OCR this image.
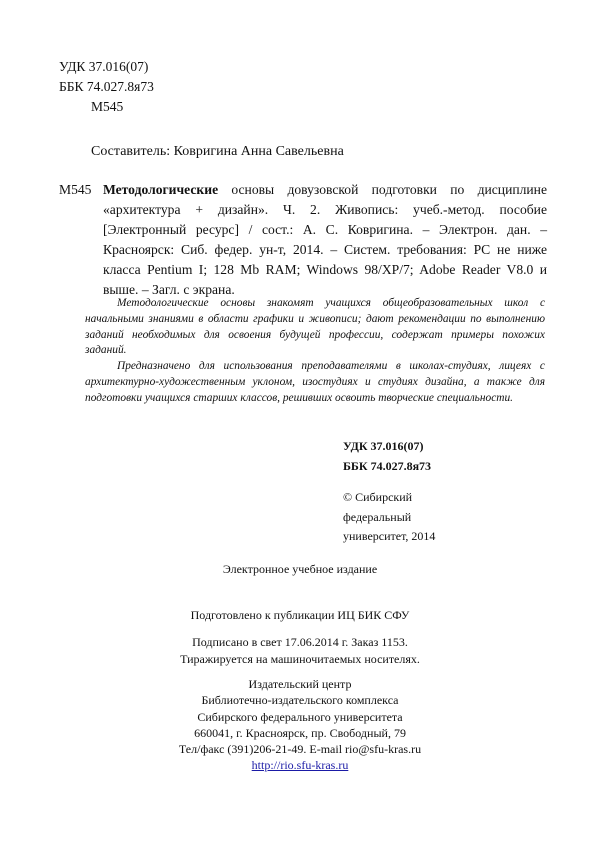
УДК 37.016(07)
ББК 74.027.8я73
М545
Составитель: Ковригина Анна Савельевна
М545 Методологические основы довузовской подготовки по дисциплине «архитектура + дизайн». Ч. 2. Живопись: учеб.-метод. пособие [Электронный ресурс] / сост.: А. С. Ковригина. – Электрон. дан. – Красноярск: Сиб. федер. ун-т, 2014. – Систем. требования: PC не ниже класса Pentium I; 128 Mb RAM; Windows 98/XP/7; Adobe Reader V8.0 и выше. – Загл. с экрана.

Методологические основы знакомят учащихся общеобразовательных школ с начальными знаниями в области графики и живописи; дают рекомендации по выполнению заданий необходимых для освоения будущей профессии, содержат примеры похожих заданий.

Предназначено для использования преподавателями в школах-студиях, лицеях с архитектурно-художественным уклоном, изостудиях и студиях дизайна, а также для подготовки учащихся старших классов, решивших освоить творческие специальности.

УДК 37.016(07)
ББК 74.027.8я73
© Сибирский
федеральный
университет, 2014
Электронное учебное издание
Подготовлено к публикации ИЦ БИК СФУ
Подписано в свет 17.06.2014 г. Заказ 1153.
Тиражируется на машиночитаемых носителях.
Издательский центр
Библиотечно-издательского комплекса
Сибирского федерального университета
660041, г. Красноярск, пр. Свободный, 79
Тел/факс (391)206-21-49. E-mail rio@sfu-kras.ru
http://rio.sfu-kras.ru
